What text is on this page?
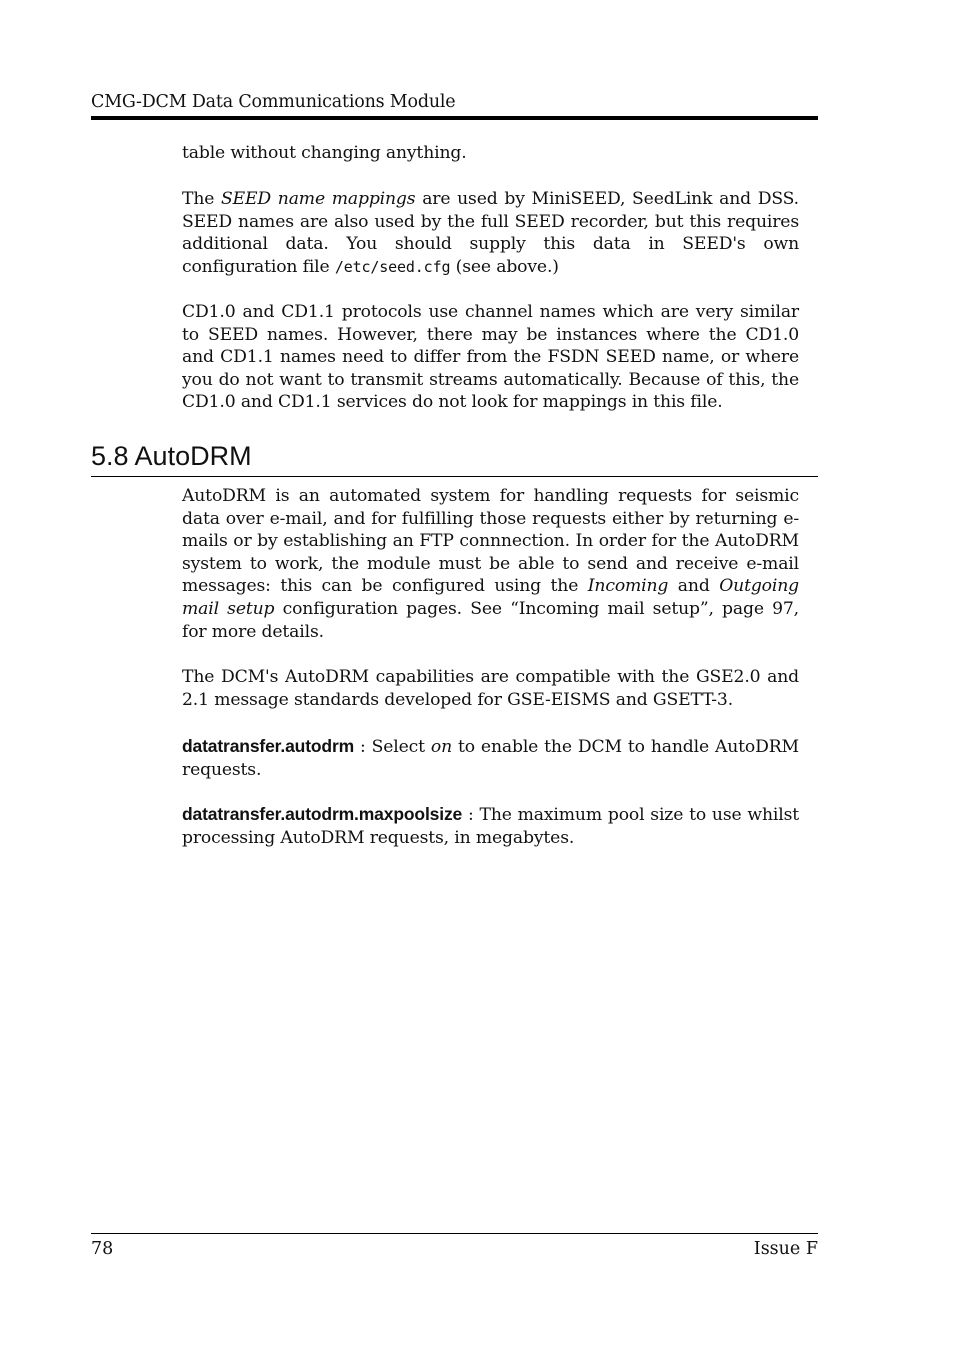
CMG-DCM Data Communications Module

table without changing anything.

The SEED name mappings are used by MiniSEED, SeedLink and DSS. SEED names are also used by the full SEED recorder, but this requires additional data. You should supply this data in SEED's own configuration file /etc/seed.cfg (see above.)

CD1.0 and CD1.1 protocols use channel names which are very similar to SEED names. However, there may be instances where the CD1.0 and CD1.1 names need to differ from the FSDN SEED name, or where you do not want to transmit streams automatically. Because of this, the CD1.0 and CD1.1 services do not look for mappings in this file.

5.8 AutoDRM

AutoDRM is an automated system for handling requests for seismic data over e-mail, and for fulfilling those requests either by returning e-mails or by establishing an FTP connnection. In order for the AutoDRM system to work, the module must be able to send and receive e-mail messages: this can be configured using the Incoming and Outgoing mail setup configuration pages. See “Incoming mail setup”, page 97, for more details.

The DCM's AutoDRM capabilities are compatible with the GSE2.0 and 2.1 message standards developed for GSE-EISMS and GSETT-3.

datatransfer.autodrm : Select on to enable the DCM to handle AutoDRM requests.

datatransfer.autodrm.maxpoolsize : The maximum pool size to use whilst processing AutoDRM requests, in megabytes.

78	Issue F
